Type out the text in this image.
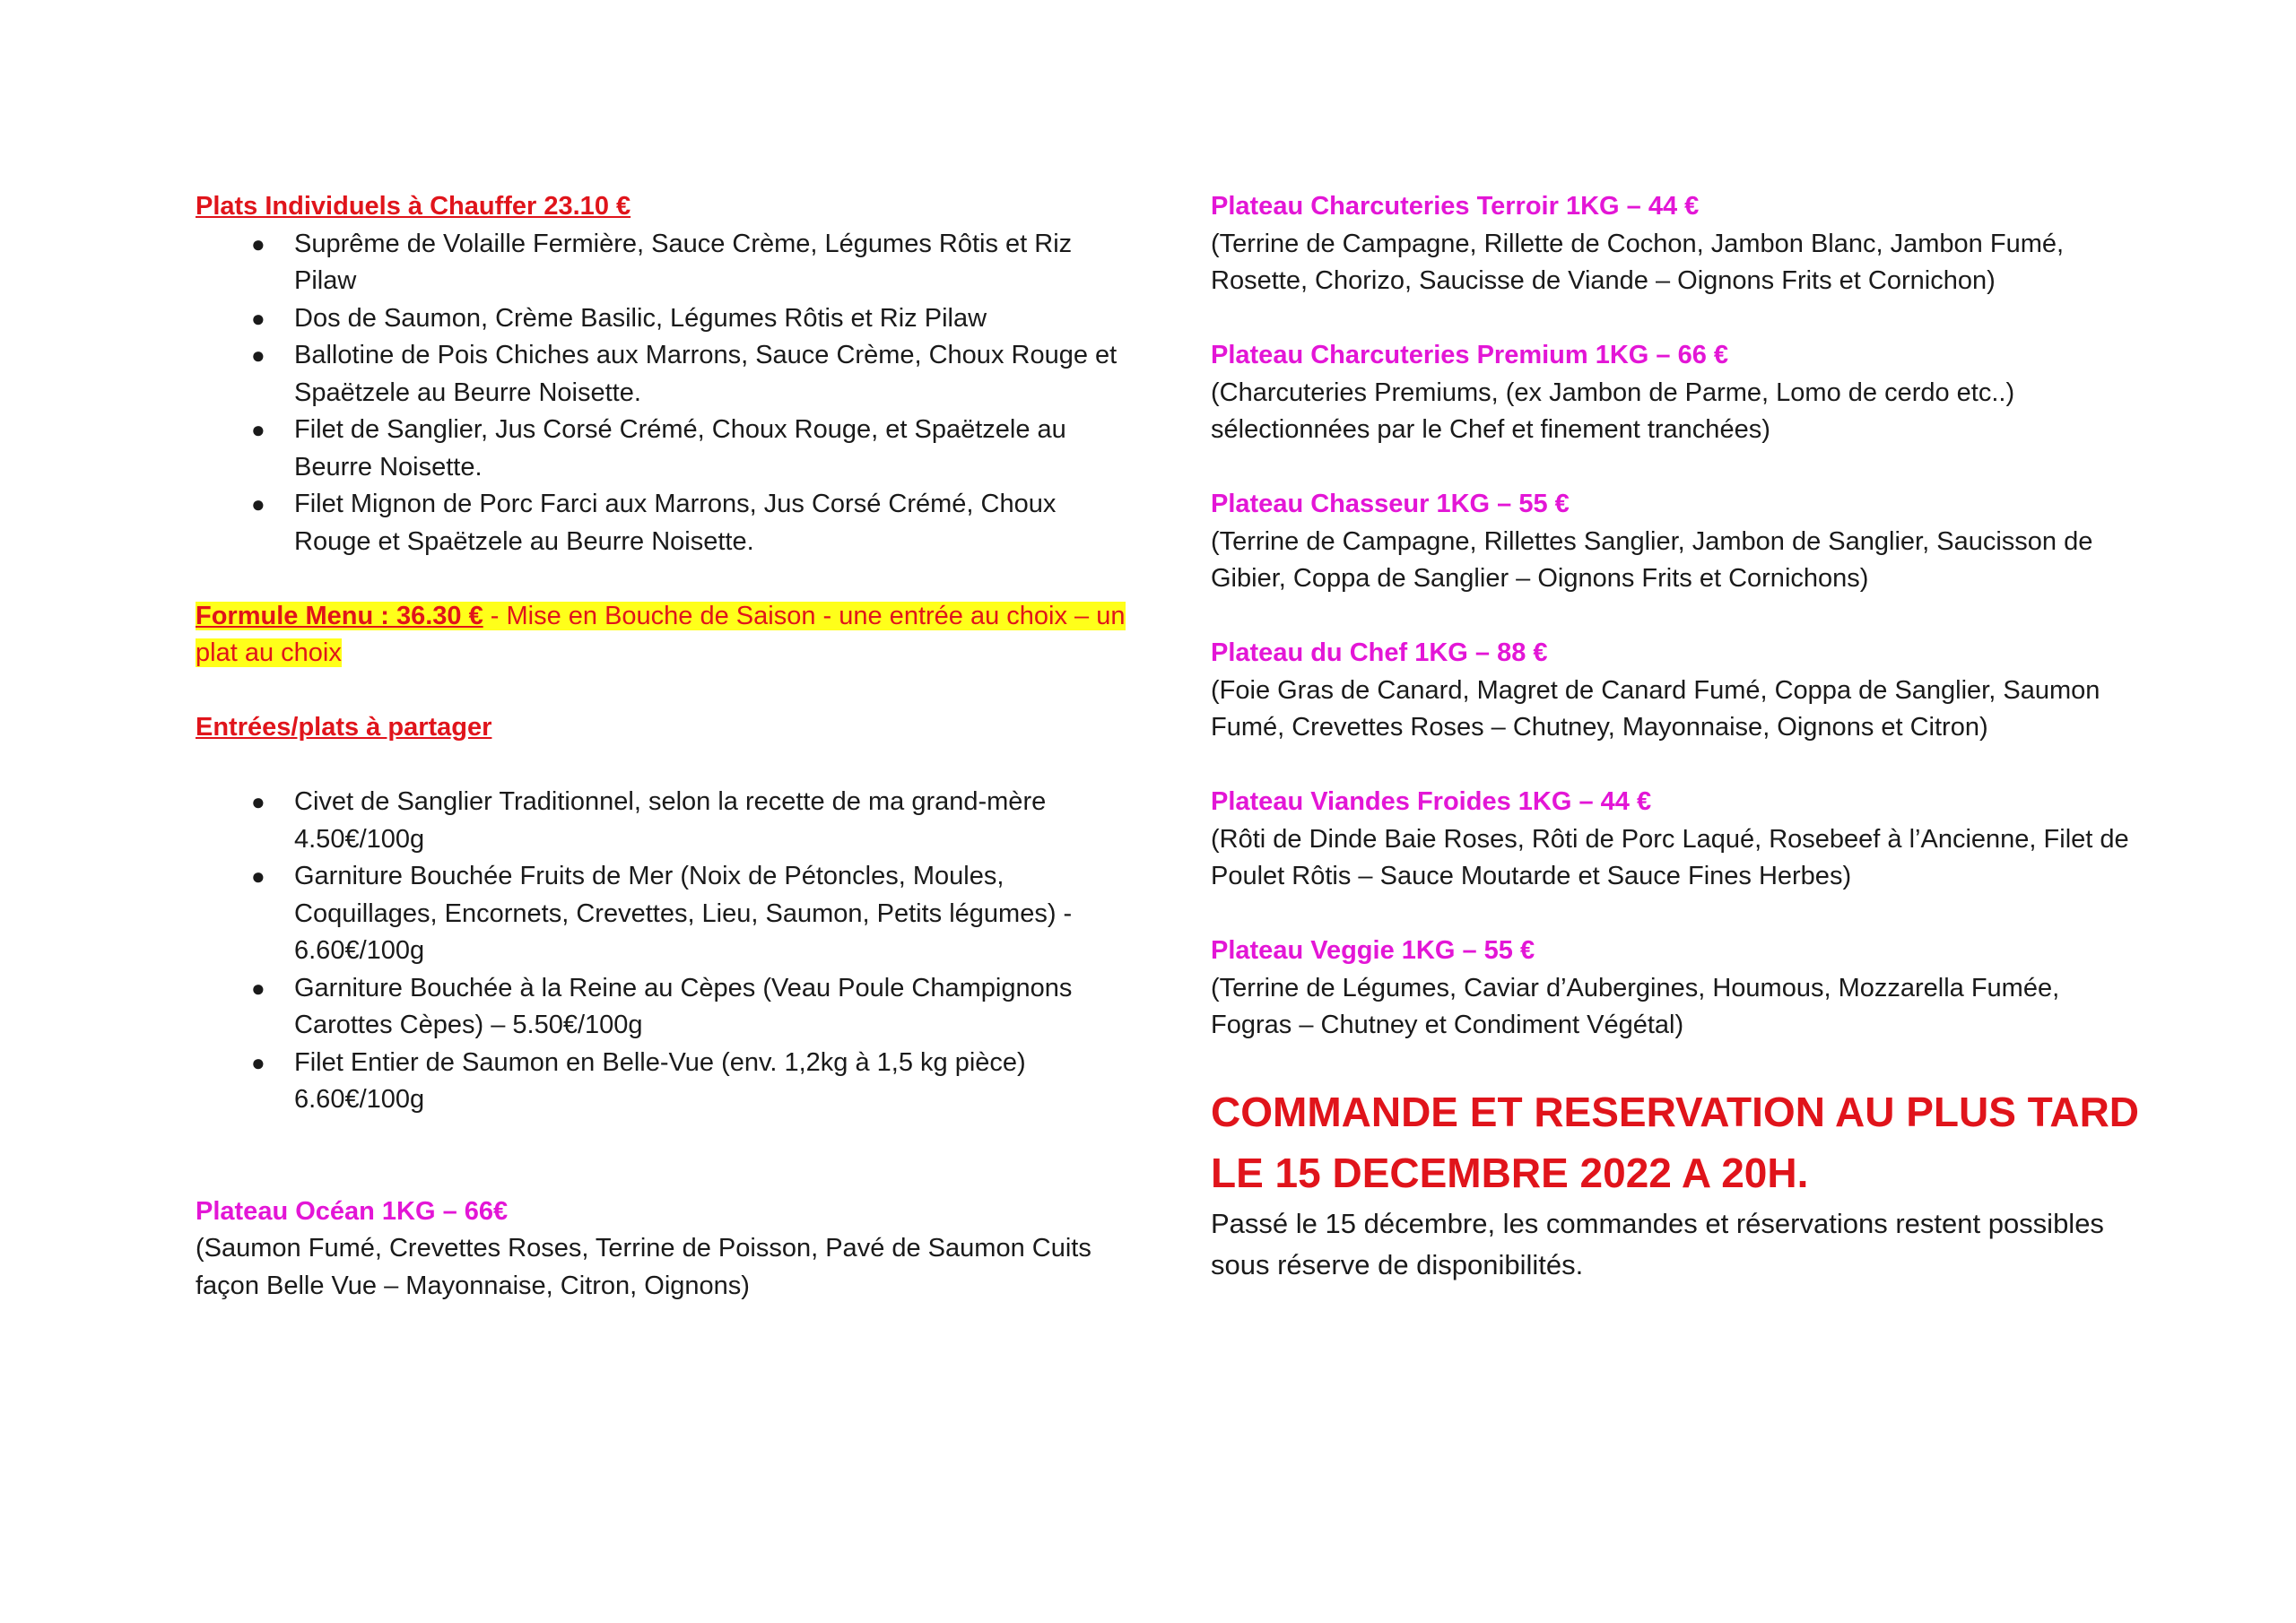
Plats Individuels à Chauffer 23.10 €

● Suprême de Volaille Fermière, Sauce Crème, Légumes Rôtis et Riz Pilaw
● Dos de Saumon, Crème Basilic, Légumes Rôtis et Riz Pilaw
● Ballotine de Pois Chiches aux Marrons, Sauce Crème, Choux Rouge et Spaëtzele au Beurre Noisette.
● Filet de Sanglier, Jus Corsé Crémé, Choux Rouge, et Spaëtzele au Beurre Noisette.
● Filet Mignon de Porc Farci aux Marrons, Jus Corsé Crémé, Choux Rouge et Spaëtzele au Beurre Noisette.

Formule Menu : 36.30 € - Mise en Bouche de Saison - une entrée au choix – un plat au choix

Entrées/plats à partager

● Civet de Sanglier Traditionnel, selon la recette de ma grand-mère 4.50€/100g
● Garniture Bouchée Fruits de Mer (Noix de Pétoncles, Moules, Coquillages, Encornets, Crevettes, Lieu, Saumon, Petits légumes) - 6.60€/100g
● Garniture Bouchée à la Reine au Cèpes (Veau Poule Champignons Carottes Cèpes) – 5.50€/100g
● Filet Entier de Saumon en Belle-Vue (env. 1,2kg à 1,5 kg pièce) 6.60€/100g

Plateau Océan 1KG – 66€

(Saumon Fumé, Crevettes Roses, Terrine de Poisson, Pavé de Saumon Cuits façon Belle Vue – Mayonnaise, Citron, Oignons)

Plateau Charcuteries Terroir 1KG – 44 €

(Terrine de Campagne, Rillette de Cochon, Jambon Blanc, Jambon Fumé, Rosette, Chorizo, Saucisse de Viande – Oignons Frits et Cornichon)

Plateau Charcuteries Premium 1KG – 66 €

(Charcuteries Premiums, (ex Jambon de Parme, Lomo de cerdo etc..) sélectionnées par le Chef et finement tranchées)

Plateau Chasseur 1KG – 55 €

(Terrine de Campagne, Rillettes Sanglier, Jambon de Sanglier, Saucisson de Gibier, Coppa de Sanglier – Oignons Frits et Cornichons)

Plateau du Chef 1KG – 88 €

(Foie Gras de Canard, Magret de Canard Fumé, Coppa de Sanglier, Saumon Fumé, Crevettes Roses – Chutney, Mayonnaise, Oignons et Citron)

Plateau Viandes Froides 1KG – 44 €

(Rôti de Dinde Baie Roses, Rôti de Porc Laqué, Rosebeef à l’Ancienne, Filet de Poulet Rôtis – Sauce Moutarde et Sauce Fines Herbes)

Plateau Veggie 1KG – 55 €

(Terrine de Légumes, Caviar d’Aubergines, Houmous, Mozzarella Fumée, Fogras – Chutney et Condiment Végétal)

COMMANDE ET RESERVATION AU PLUS TARD LE 15 DECEMBRE 2022 A 20H.

Passé le 15 décembre, les commandes et réservations restent possibles sous réserve de disponibilités.
